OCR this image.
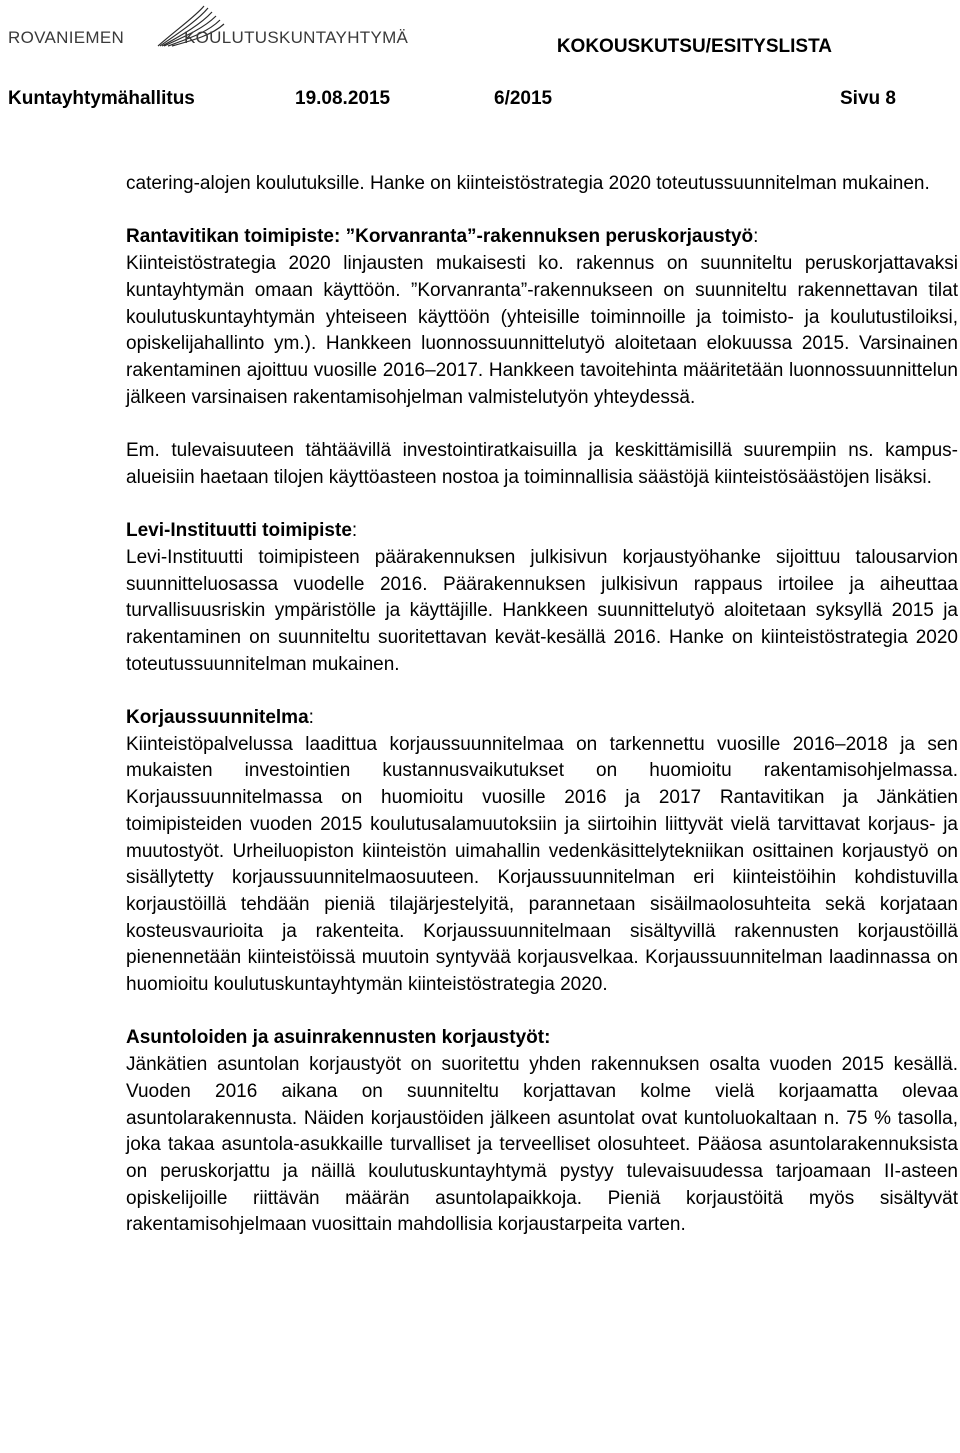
ROVANIEMEN	KOULUTUSKUNTAYHTYMÄ	KOKOUSKUTSU/ESITYSLISTA
Kuntayhtymähallitus	19.08.2015	6/2015	Sivu 8

catering-alojen koulutuksille. Hanke on kiinteistöstrategia 2020 toteutussuunnitelman mukainen.

Rantavitikan toimipiste: ”Korvanranta”-rakennuksen peruskorjaustyö:

Kiinteistöstrategia 2020 linjausten mukaisesti ko. rakennus on suunniteltu peruskorjattavaksi kuntayhtymän omaan käyttöön. ”Korvanranta”-rakennukseen on suunniteltu rakennettavan tilat koulutuskuntayhtymän yhteiseen käyttöön (yhteisille toiminnoille ja toimisto- ja koulutustiloiksi, opiskelijahallinto ym.). Hankkeen luonnossuunnittelutyö aloitetaan elokuussa 2015. Varsinainen rakentaminen ajoittuu vuosille 2016–2017. Hankkeen tavoitehinta määritetään luonnossuunnittelun jälkeen varsinaisen rakentamisohjelman valmistelutyön yhteydessä.

Em. tulevaisuuteen tähtäävillä investointiratkaisuilla ja keskittämisillä suurempiin ns. kampus-alueisiin haetaan tilojen käyttöasteen nostoa ja toiminnallisia säästöjä kiinteistösäästöjen lisäksi.

Levi-Instituutti toimipiste:

Levi-Instituutti toimipisteen päärakennuksen julkisivun korjaustyöhanke sijoittuu talousarvion suunnitteluosassa vuodelle 2016. Päärakennuksen julkisivun rappaus irtoilee ja aiheuttaa turvallisuusriskin ympäristölle ja käyttäjille. Hankkeen suunnittelutyö aloitetaan syksyllä 2015 ja rakentaminen on suunniteltu suoritettavan kevät-kesällä 2016. Hanke on kiinteistöstrategia 2020 toteutussuunnitelman mukainen.

Korjaussuunnitelma:

Kiinteistöpalvelussa laadittua korjaussuunnitelmaa on tarkennettu vuosille 2016–2018 ja sen mukaisten investointien kustannusvaikutukset on huomioitu rakentamisohjelmassa. Korjaussuunnitelmassa on huomioitu vuosille 2016 ja 2017 Rantavitikan ja Jänkätien toimipisteiden vuoden 2015 koulutusalamuutoksiin ja siirtoihin liittyvät vielä tarvittavat korjaus- ja muutostyöt. Urheiluopiston kiinteistön uimahallin vedenkäsittelytekniikan osittainen korjaustyö on sisällytetty korjaussuunnitelmaosuuteen. Korjaussuunnitelman eri kiinteistöihin kohdistuvilla korjaustöillä tehdään pieniä tilajärjestelyitä, parannetaan sisäilmaolosuhteita sekä korjataan kosteusvaurioita ja rakenteita. Korjaussuunnitelmaan sisältyvillä rakennusten korjaustöillä pienennetään kiinteistöissä muutoin syntyvää korjausvelkaa. Korjaussuunnitelman laadinnassa on huomioitu koulutuskuntayhtymän kiinteistöstrategia 2020.

Asuntoloiden ja asuinrakennusten korjaustyöt:

Jänkätien asuntolan korjaustyöt on suoritettu yhden rakennuksen osalta vuoden 2015 kesällä. Vuoden 2016 aikana on suunniteltu korjattavan kolme vielä korjaamatta olevaa asuntolarakennusta. Näiden korjaustöiden jälkeen asuntolat ovat kuntoluokaltaan n. 75 % tasolla, joka takaa asuntola-asukkaille turvalliset ja terveelliset olosuhteet. Pääosa asuntolarakennuksista on peruskorjattu ja näillä koulutuskuntayhtymä pystyy tulevaisuudessa tarjoamaan II-asteen opiskelijoille riittävän määrän asuntolapaikkoja. Pieniä korjaustöitä myös sisältyvät rakentamisohjelmaan vuosittain mahdollisia korjaustarpeita varten.
